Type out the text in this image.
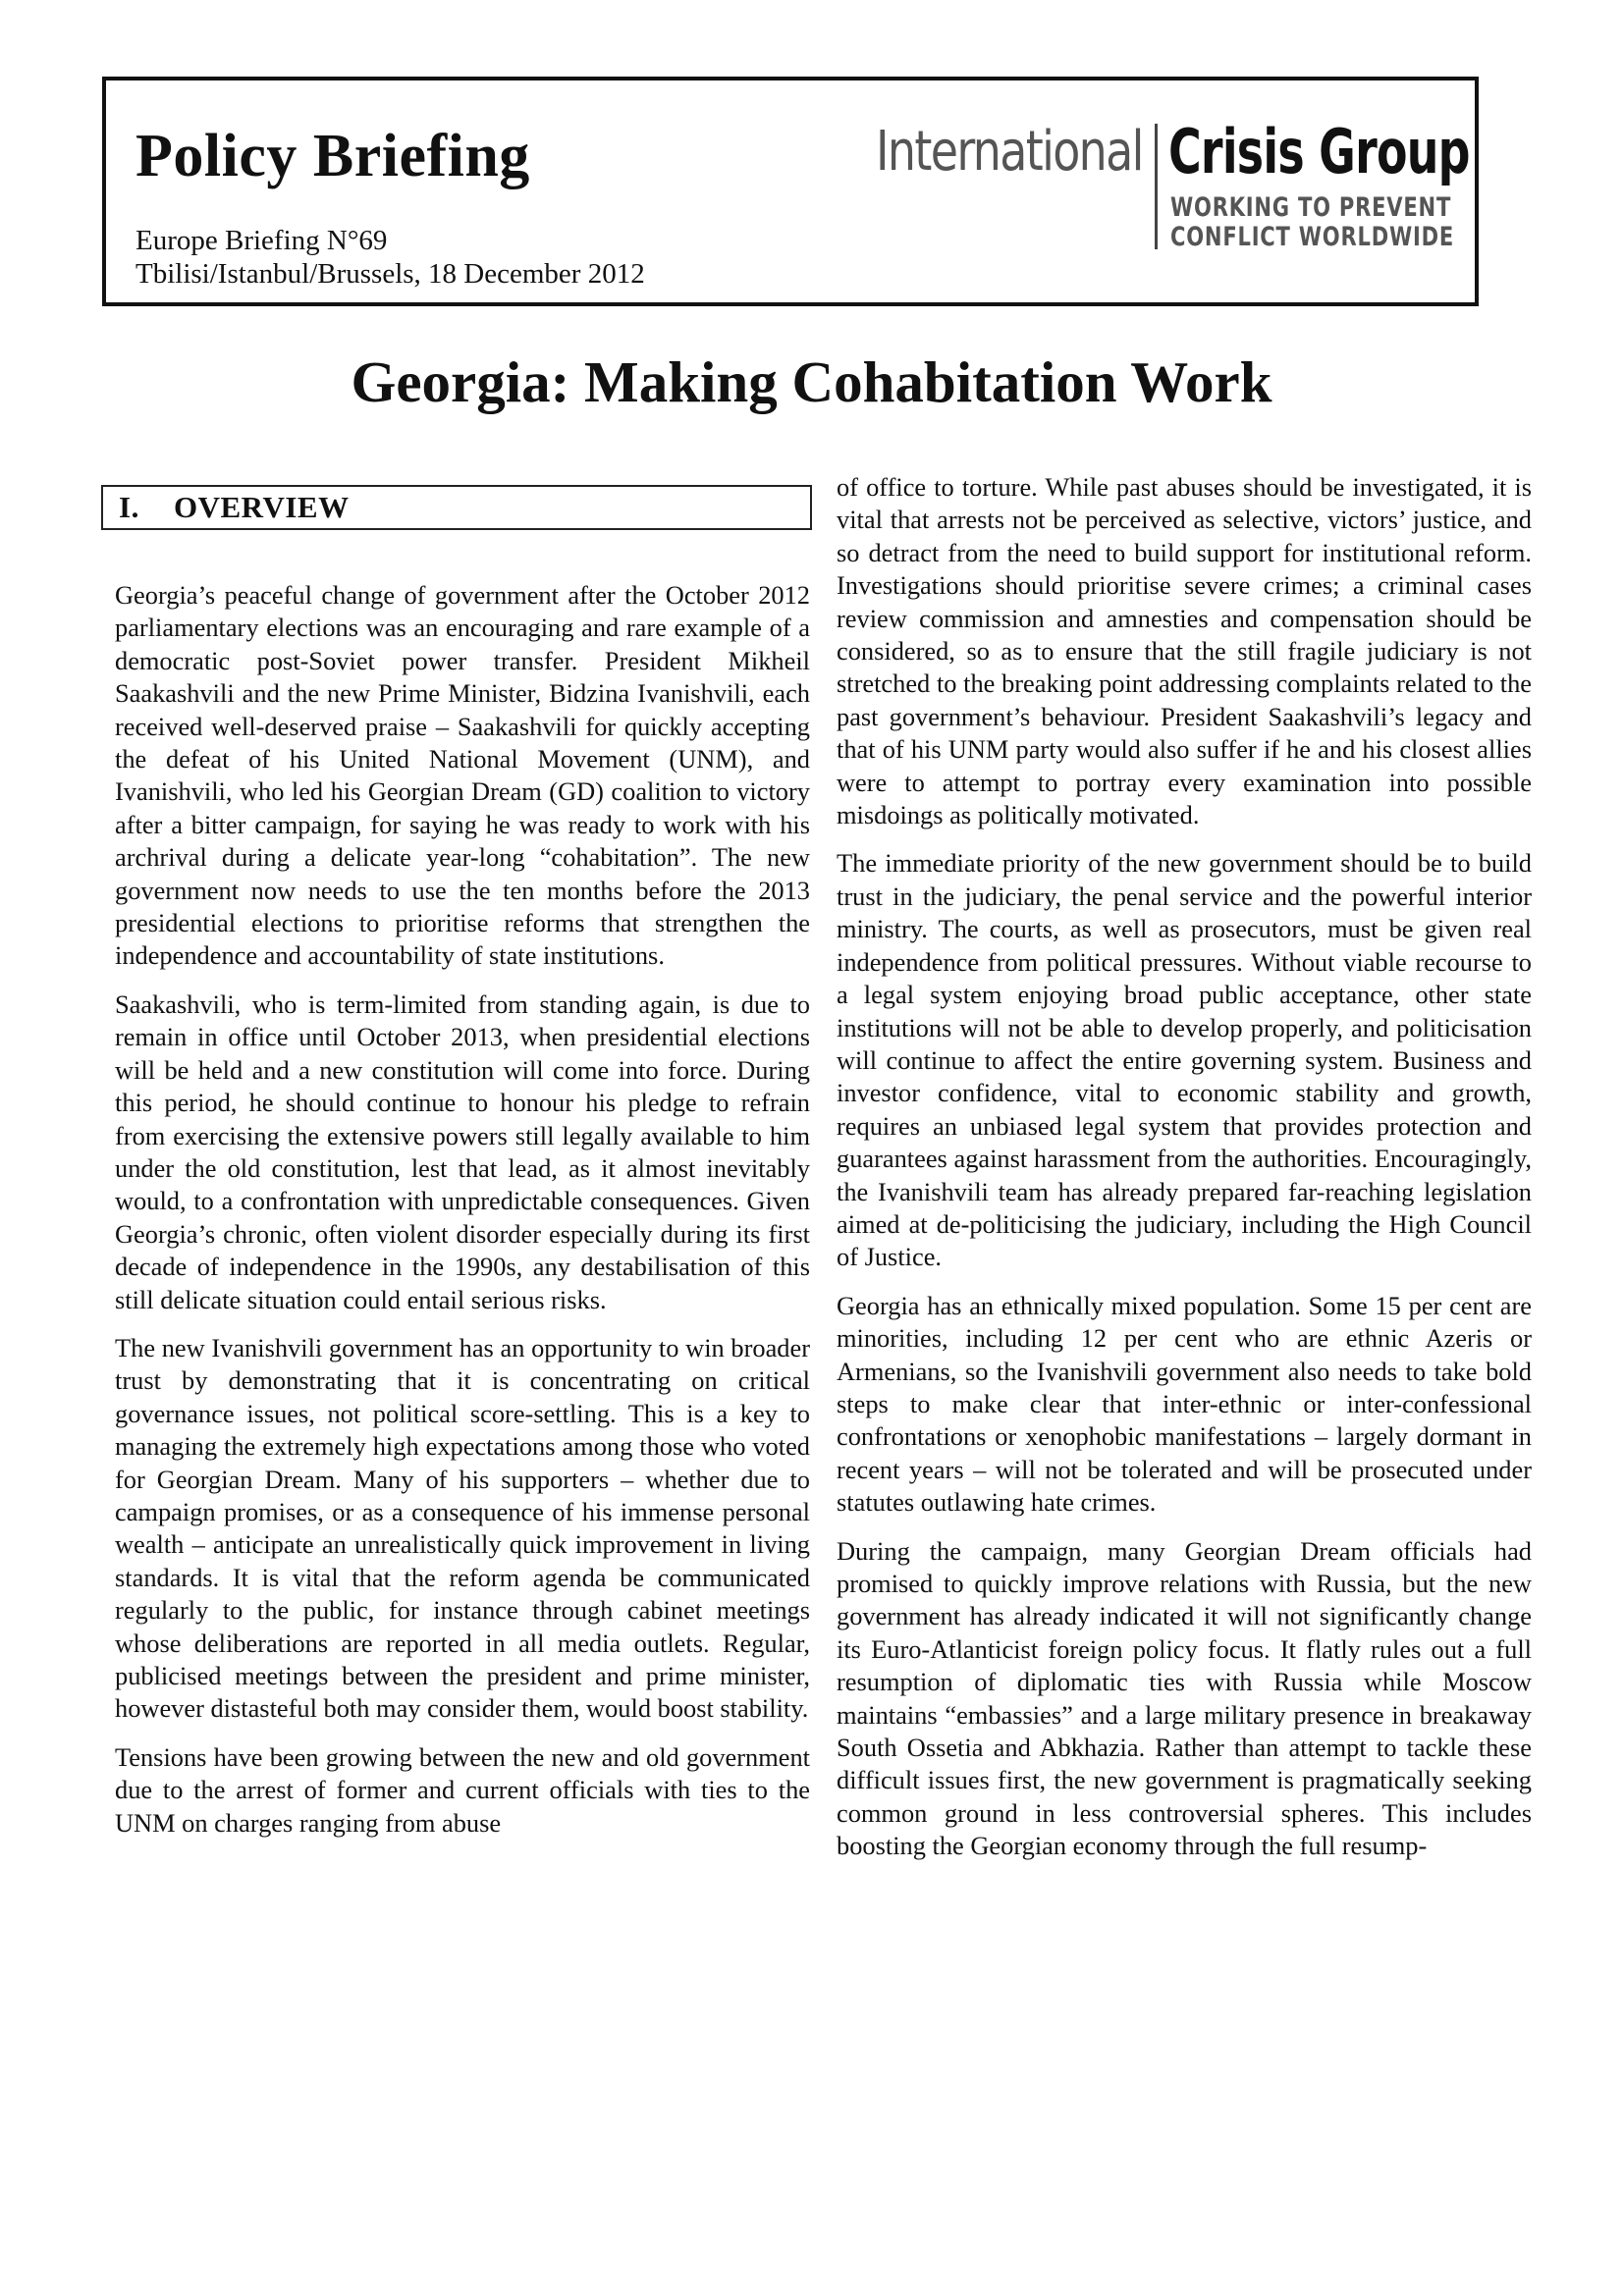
Policy Briefing
Europe Briefing N°69
Tbilisi/Istanbul/Brussels, 18 December 2012
International Crisis Group
WORKING TO PREVENT
CONFLICT WORLDWIDE
Georgia: Making Cohabitation Work
I. OVERVIEW

Georgia’s peaceful change of government after the October 2012 parliamentary elections was an encouraging and rare example of a democratic post-Soviet power transfer. President Mikheil Saakashvili and the new Prime Minister, Bidzina Ivanishvili, each received well-deserved praise – Saakashvili for quickly accepting the defeat of his United National Movement (UNM), and Ivanishvili, who led his Georgian Dream (GD) coalition to victory after a bitter campaign, for saying he was ready to work with his archrival during a delicate year-long “cohabitation”. The new government now needs to use the ten months before the 2013 presidential elections to prioritise reforms that strengthen the independence and accountability of state institutions.

Saakashvili, who is term-limited from standing again, is due to remain in office until October 2013, when presidential elections will be held and a new constitution will come into force. During this period, he should continue to honour his pledge to refrain from exercising the extensive powers still legally available to him under the old constitution, lest that lead, as it almost inevitably would, to a confrontation with unpredictable consequences. Given Georgia’s chronic, often violent disorder especially during its first decade of independence in the 1990s, any destabilisation of this still delicate situation could entail serious risks.

The new Ivanishvili government has an opportunity to win broader trust by demonstrating that it is concentrating on critical governance issues, not political score-settling. This is a key to managing the extremely high expectations among those who voted for Georgian Dream. Many of his supporters – whether due to campaign promises, or as a consequence of his immense personal wealth – anticipate an unrealistically quick improvement in living standards. It is vital that the reform agenda be communicated regularly to the public, for instance through cabinet meetings whose deliberations are reported in all media outlets. Regular, publicised meetings between the president and prime minister, however distasteful both may consider them, would boost stability.

Tensions have been growing between the new and old government due to the arrest of former and current officials with ties to the UNM on charges ranging from abuse

of office to torture. While past abuses should be investigated, it is vital that arrests not be perceived as selective, victors’ justice, and so detract from the need to build support for institutional reform. Investigations should prioritise severe crimes; a criminal cases review commission and amnesties and compensation should be considered, so as to ensure that the still fragile judiciary is not stretched to the breaking point addressing complaints related to the past government’s behaviour. President Saakashvili’s legacy and that of his UNM party would also suffer if he and his closest allies were to attempt to portray every examination into possible misdoings as politically motivated.

The immediate priority of the new government should be to build trust in the judiciary, the penal service and the powerful interior ministry. The courts, as well as prosecutors, must be given real independence from political pressures. Without viable recourse to a legal system enjoying broad public acceptance, other state institutions will not be able to develop properly, and politicisation will continue to affect the entire governing system. Business and investor confidence, vital to economic stability and growth, requires an unbiased legal system that provides protection and guarantees against harassment from the authorities. Encouragingly, the Ivanishvili team has already prepared far-reaching legislation aimed at de-politicising the judiciary, including the High Council of Justice.

Georgia has an ethnically mixed population. Some 15 per cent are minorities, including 12 per cent who are ethnic Azeris or Armenians, so the Ivanishvili government also needs to take bold steps to make clear that inter-ethnic or inter-confessional confrontations or xenophobic manifestations – largely dormant in recent years – will not be tolerated and will be prosecuted under statutes outlawing hate crimes.

During the campaign, many Georgian Dream officials had promised to quickly improve relations with Russia, but the new government has already indicated it will not significantly change its Euro-Atlanticist foreign policy focus. It flatly rules out a full resumption of diplomatic ties with Russia while Moscow maintains “embassies” and a large military presence in breakaway South Ossetia and Abkhazia. Rather than attempt to tackle these difficult issues first, the new government is pragmatically seeking common ground in less controversial spheres. This includes boosting the Georgian economy through the full resump-
